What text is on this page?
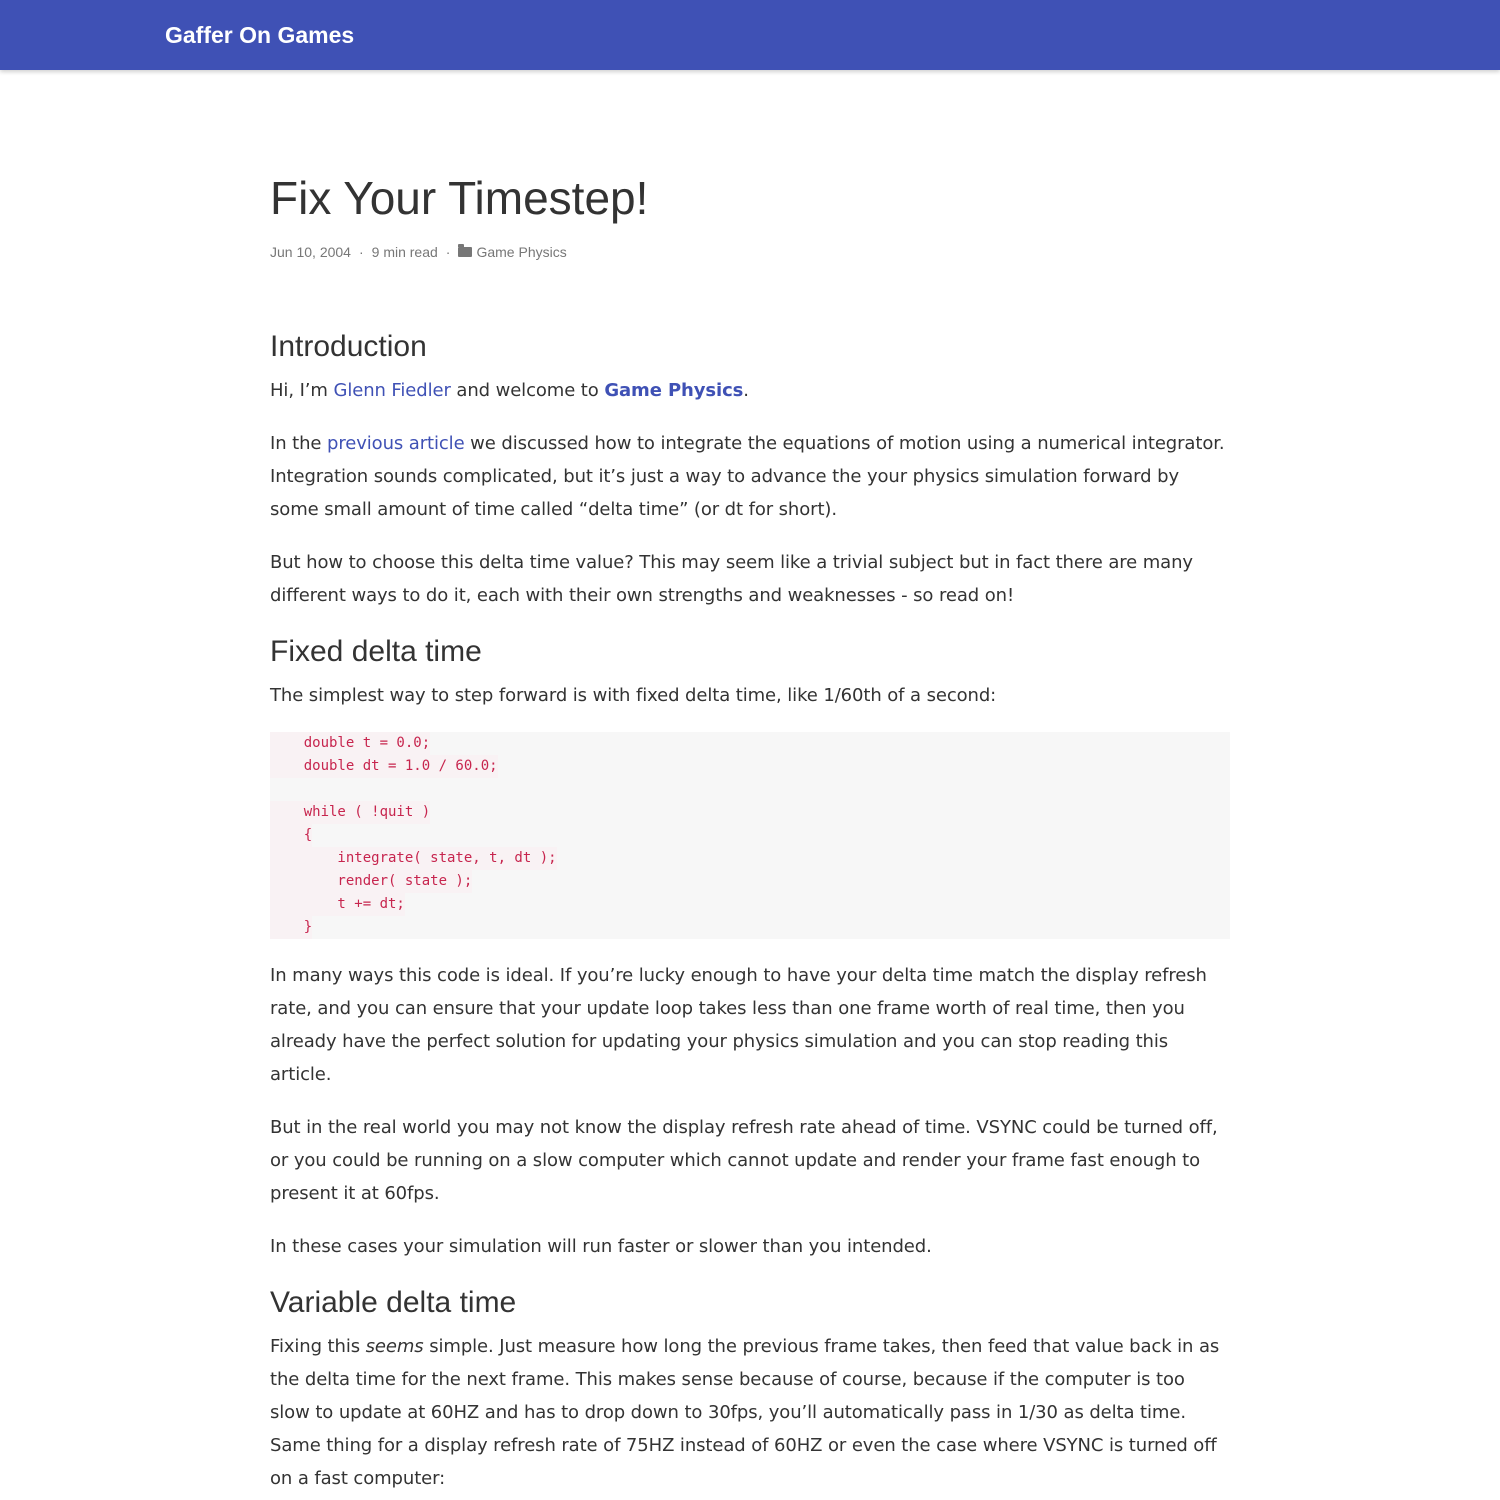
Gaffer On Games
Fix Your Timestep!
Jun 10, 2004 · 9 min read · Game Physics
Introduction

Hi, I’m Glenn Fiedler and welcome to Game Physics.

In the previous article we discussed how to integrate the equations of motion using a numerical integrator. Integration sounds complicated, but it’s just a way to advance the your physics simulation forward by some small amount of time called “delta time” (or dt for short).

But how to choose this delta time value? This may seem like a trivial subject but in fact there are many different ways to do it, each with their own strengths and weaknesses - so read on!

Fixed delta time

The simplest way to step forward is with fixed delta time, like 1/60th of a second:

double t = 0.0;
double dt = 1.0 / 60.0;
while ( !quit )
{
integrate( state, t, dt );
render( state );
t += dt;
}

In many ways this code is ideal. If you’re lucky enough to have your delta time match the display refresh rate, and you can ensure that your update loop takes less than one frame worth of real time, then you already have the perfect solution for updating your physics simulation and you can stop reading this article.

But in the real world you may not know the display refresh rate ahead of time. VSYNC could be turned off, or you could be running on a slow computer which cannot update and render your frame fast enough to present it at 60fps.

In these cases your simulation will run faster or slower than you intended.

Variable delta time

Fixing this seems simple. Just measure how long the previous frame takes, then feed that value back in as the delta time for the next frame. This makes sense because of course, because if the computer is too slow to update at 60HZ and has to drop down to 30fps, you’ll automatically pass in 1/30 as delta time. Same thing for a display refresh rate of 75HZ instead of 60HZ or even the case where VSYNC is turned off on a fast computer:
